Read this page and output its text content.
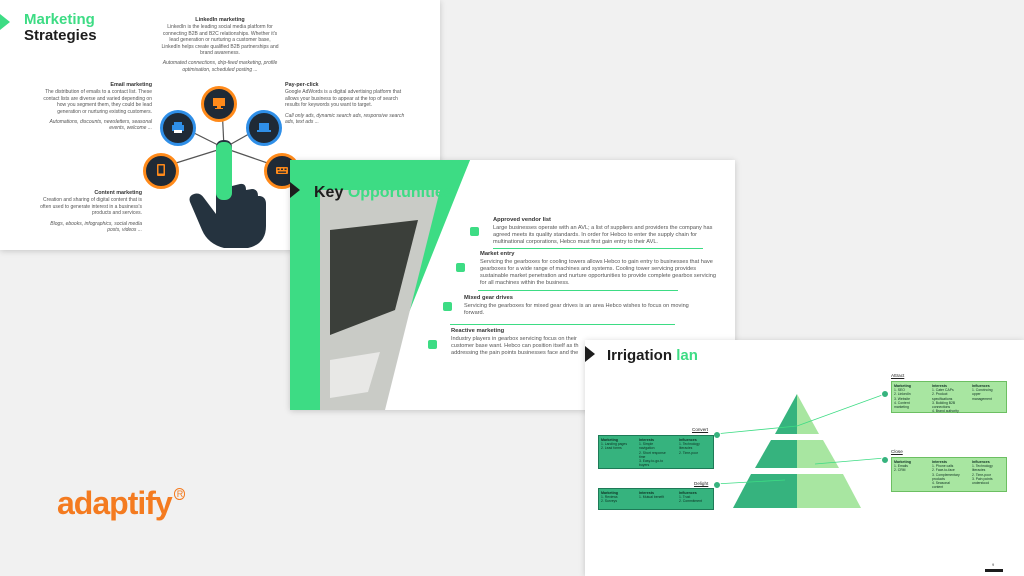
Marketing
Strategies
LinkedIn marketing
LinkedIn is the leading social media platform for connecting B2B and B2C relationships. Whether it's lead generation or nurturing a customer base, LinkedIn helps create qualified B2B partnerships and brand awareness.
Automated connections, drip-feed marketing, profile optimisation, scheduled posting ...
Email marketing
The distribution of emails to a contact list. These contact lists are diverse and varied depending on how you segment them, they could be lead generation or nurturing existing customers.
Automations, discounts, newsletters, seasonal events, welcome ...
Pay-per-click
Google AdWords is a digital advertising platform that allows your business to appear at the top of search results for keywords you want to target.
Call only ads, dynamic search ads, responsive search ads, text ads ...
Content marketing
Creation and sharing of digital content that is often used to generate interest in a business's products and services.
Blogs, ebooks, infographics, social media posts, videos ...
Key Opportunities
Approved vendor list
Large businesses operate with an AVL; a list of suppliers and providers the company has agreed meets its quality standards. In order for Hebco to enter the supply chain for multinational corporations, Hebco must first gain entry to their AVL.
Market entry
Servicing the gearboxes for cooling towers allows Hebco to gain entry to businesses that have gearboxes for a wide range of machines and systems. Cooling tower servicing provides sustainable market penetration and nurture opportunities to provide complete gearbox servicing for all machines within the business.
Mixed gear drives
Servicing the gearboxes for mixed gear drives is an area Hebco wishes to focus on moving forward.
Reactive marketing
Industry players in gearbox servicing focus on their customer base want. Hebco can position itself as th addressing the pain points businesses face and the	Irrigation lan
Attract
Marketing
1. SEO
2. LinkedIn
3. Website
4. Content
marketing
Interests
1. Cater CAPs
2. Product
specifications
3. Building B2B
connections
4. Brand authority
Influences
1. Convincing
upper
management
Convert
Marketing
1. Landing pages
2. Lead forms
Interests
1. Simple
navigation
2. Short response
time
3. Easy-to-go-to
buyers
Influences
1. Technology
literacies
2. Time-poor	Close
Marketing
1. Emails
2. CRM
Interests
1. Phone calls
2. Face-to-face
3. Complementary
products
4. Seasonal
content
Influences
1. Technology
literacies
2. Time-poor
3. Pain points
understood
Delight
Marketing
1. Reviews
2. Surveys
Interests
1. Mutual benefit
Influences
1. Trust
2. Commitment
9
adaptify $^R$
